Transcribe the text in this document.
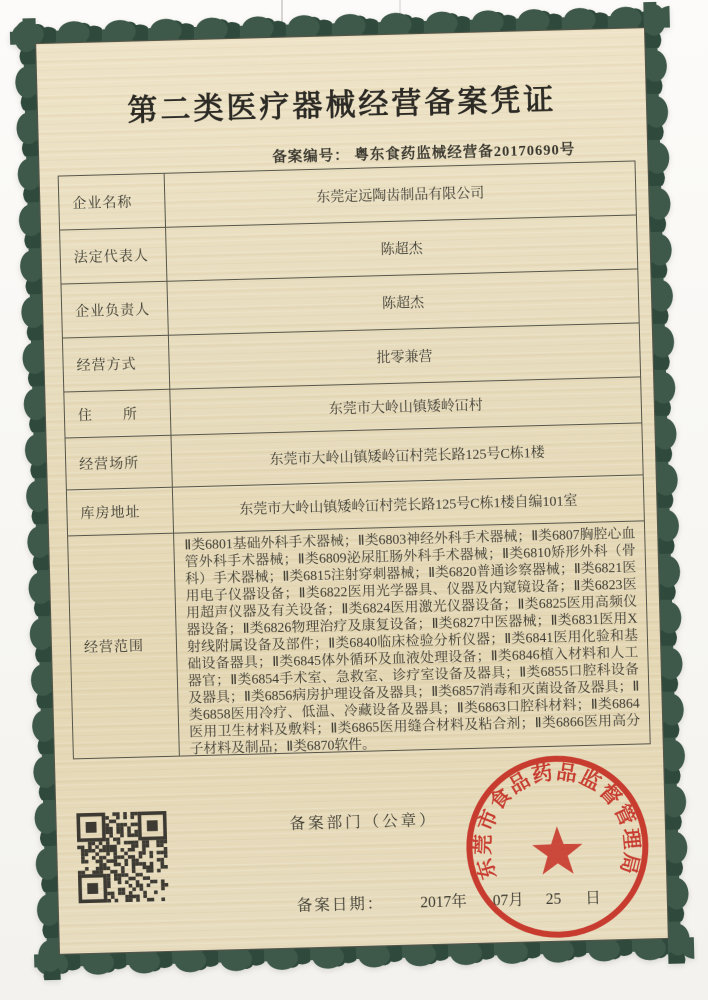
第二类医疗器械经营备案凭证
备案编号： 粤东食药监械经营备20170690号
企业名称	东莞定远陶齿制品有限公司
法定代表人	陈超杰
企业负责人	陈超杰
经营方式	批零兼营
住　　所	东莞市大岭山镇矮岭冚村
经营场所	东莞市大岭山镇矮岭冚村莞长路125号C栋1楼
库房地址	东莞市大岭山镇矮岭冚村莞长路125号C栋1楼自编101室
经营范围
Ⅱ类6801基础外科手术器械；Ⅱ类6803神经外科手术器械；Ⅱ类6807胸腔心血管外科手术器械；Ⅱ类6809泌尿肛肠外科手术器械；Ⅱ类6810矫形外科（骨科）手术器械；Ⅱ类6815注射穿刺器械；Ⅱ类6820普通诊察器械；Ⅱ类6821医用电子仪器设备；Ⅱ类6822医用光学器具、仪器及内窥镜设备；Ⅱ类6823医用超声仪器及有关设备；Ⅱ类6824医用激光仪器设备；Ⅱ类6825医用高频仪器设备；Ⅱ类6826物理治疗及康复设备；Ⅱ类6827中医器械；Ⅱ类6831医用X射线附属设备及部件；Ⅱ类6840临床检验分析仪器；Ⅱ类6841医用化验和基础设备器具；Ⅱ类6845体外循环及血液处理设备；Ⅱ类6846植入材料和人工器官；Ⅱ类6854手术室、急救室、诊疗室设备及器具；Ⅱ类6855口腔科设备及器具；Ⅱ类6856病房护理设备及器具；Ⅱ类6857消毒和灭菌设备及器具；Ⅱ类6858医用冷疗、低温、冷藏设备及器具；Ⅱ类6863口腔科材料；Ⅱ类6864医用卫生材料及敷料；Ⅱ类6865医用缝合材料及粘合剂；Ⅱ类6866医用高分子材料及制品；Ⅱ类6870软件。
备案部门（公章）
备案日期： 2017年 07月 25 日
东莞市食品药品监督管理局
